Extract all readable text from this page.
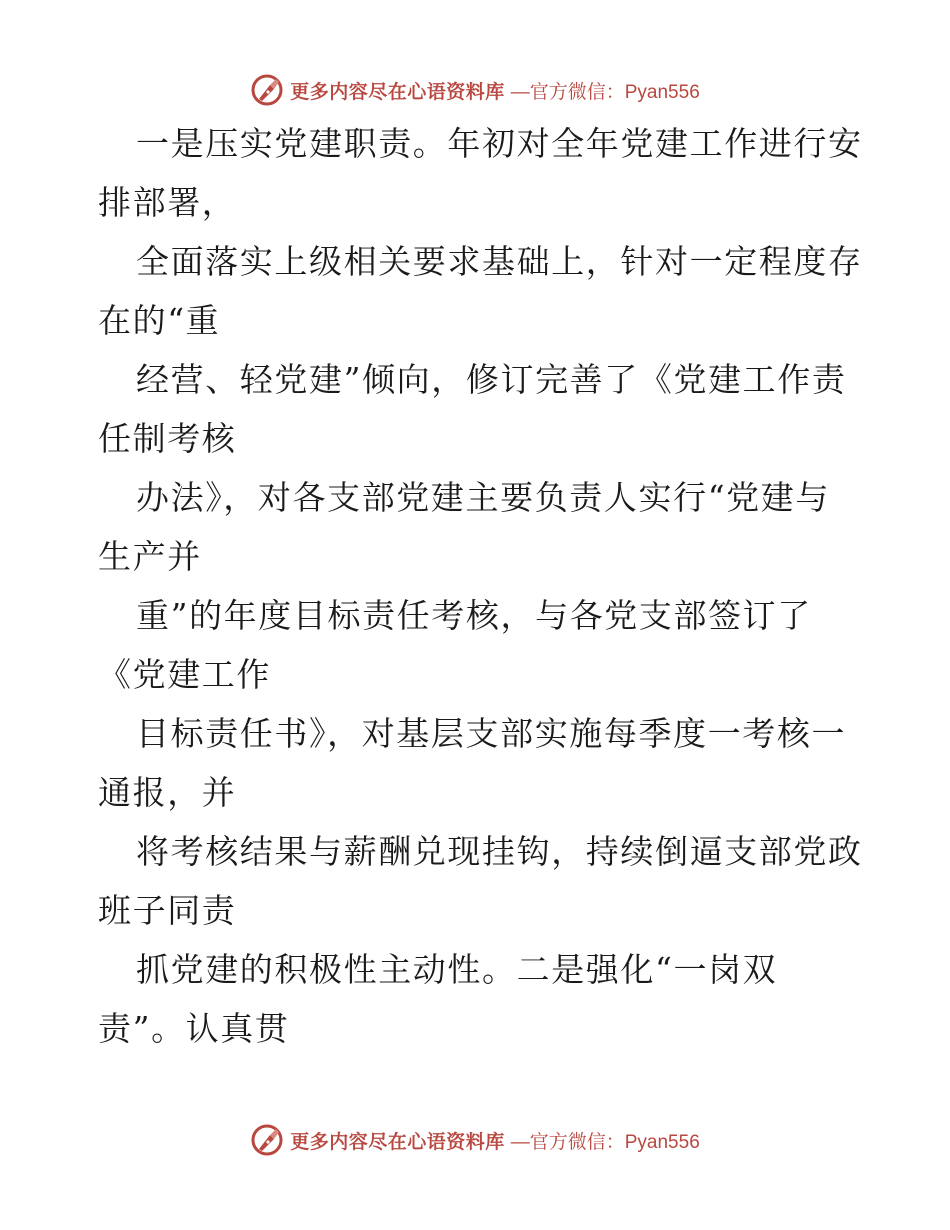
更多内容尽在心语资料库 —官方微信：Pyan556
一是压实党建职责。年初对全年党建工作进行安
排部署，
全面落实上级相关要求基础上，针对一定程度存
在的“重
经营、轻党建”倾向，修订完善了《党建工作责
任制考核
办法》，对各支部党建主要负责人实行“党建与
生产并
重”的年度目标责任考核，与各党支部签订了
《党建工作
目标责任书》，对基层支部实施每季度一考核一
通报，并
将考核结果与薪酬兑现挂钩，持续倒逼支部党政
班子同责
抓党建的积极性主动性。二是强化“一岗双
责”。认真贯
更多内容尽在心语资料库 —官方微信：Pyan556
